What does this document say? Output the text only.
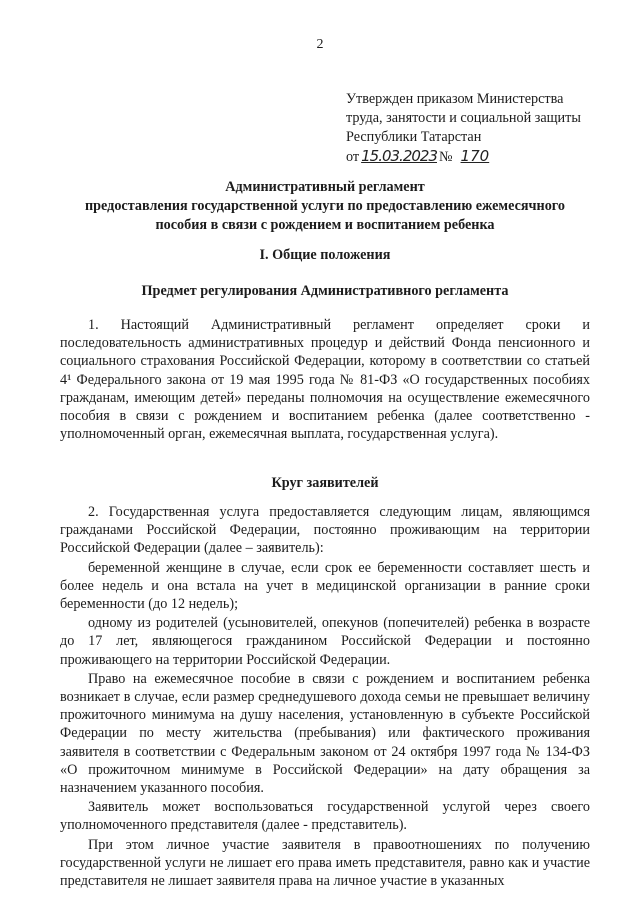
2
Утвержден приказом Министерства
труда, занятости и социальной защиты
Республики Татарстан
от 15.03.2023 № 170
Административный регламент
предоставления государственной услуги по предоставлению ежемесячного
пособия в связи с рождением и воспитанием ребенка
I. Общие положения
Предмет регулирования Административного регламента

1. Настоящий Административный регламент определяет сроки и последовательность административных процедур и действий Фонда пенсионного и социального страхования Российской Федерации, которому в соответствии со статьей 4¹ Федерального закона от 19 мая 1995 года № 81-ФЗ «О государственных пособиях гражданам, имеющим детей» переданы полномочия на осуществление ежемесячного пособия в связи с рождением и воспитанием ребенка (далее соответственно - уполномоченный орган, ежемесячная выплата, государственная услуга).

Круг заявителей

2. Государственная услуга предоставляется следующим лицам, являющимся гражданами Российской Федерации, постоянно проживающим на территории Российской Федерации (далее – заявитель):

беременной женщине в случае, если срок ее беременности составляет шесть и более недель и она встала на учет в медицинской организации в ранние сроки беременности (до 12 недель);

одному из родителей (усыновителей, опекунов (попечителей) ребенка в возрасте до 17 лет, являющегося гражданином Российской Федерации и постоянно проживающего на территории Российской Федерации.

Право на ежемесячное пособие в связи с рождением и воспитанием ребенка возникает в случае, если размер среднедушевого дохода семьи не превышает величину прожиточного минимума на душу населения, установленную в субъекте Российской Федерации по месту жительства (пребывания) или фактического проживания заявителя в соответствии с Федеральным законом от 24 октября 1997 года № 134-ФЗ «О прожиточном минимуме в Российской Федерации» на дату обращения за назначением указанного пособия.

Заявитель может воспользоваться государственной услугой через своего уполномоченного представителя (далее - представитель).

При этом личное участие заявителя в правоотношениях по получению государственной услуги не лишает его права иметь представителя, равно как и участие представителя не лишает заявителя права на личное участие в указанных
